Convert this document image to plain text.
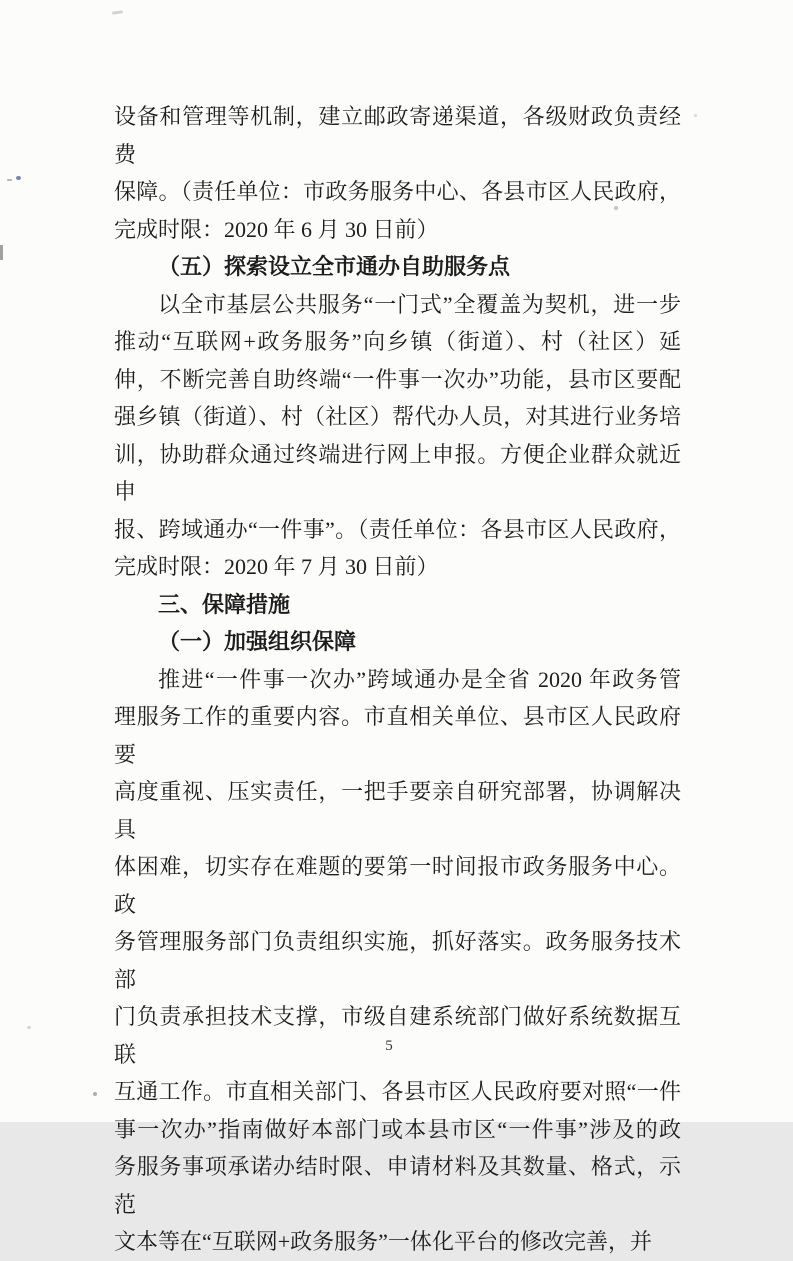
设备和管理等机制，建立邮政寄递渠道，各级财政负责经费
保障。（责任单位：市政务服务中心、各县市区人民政府，
完成时限：2020 年 6 月 30 日前）
（五）探索设立全市通办自助服务点
以全市基层公共服务“一门式”全覆盖为契机，进一步
推动“互联网+政务服务”向乡镇（街道）、村（社区）延
伸，不断完善自助终端“一件事一次办”功能，县市区要配
强乡镇（街道）、村（社区）帮代办人员，对其进行业务培
训，协助群众通过终端进行网上申报。方便企业群众就近申
报、跨域通办“一件事”。（责任单位：各县市区人民政府，
完成时限：2020 年 7 月 30 日前）
三、保障措施
（一）加强组织保障
推进“一件事一次办”跨域通办是全省 2020 年政务管
理服务工作的重要内容。市直相关单位、县市区人民政府要
高度重视、压实责任，一把手要亲自研究部署，协调解决具
体困难，切实存在难题的要第一时间报市政务服务中心。政
务管理服务部门负责组织实施，抓好落实。政务服务技术部
门负责承担技术支撑，市级自建系统部门做好系统数据互联
互通工作。市直相关部门、各县市区人民政府要对照“一件
事一次办”指南做好本部门或本县市区“一件事”涉及的政
务服务事项承诺办结时限、申请材料及其数量、格式，示范
文本等在“互联网+政务服务”一体化平台的修改完善，并
5
